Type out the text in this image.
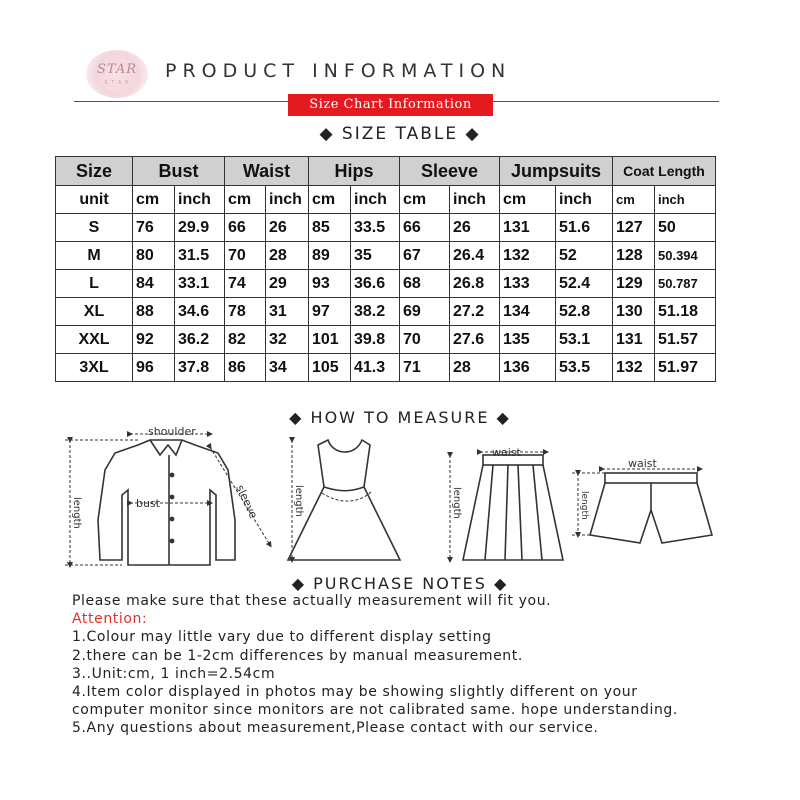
STAR
S T A R
PRODUCT INFORMATION
Size Chart Information
◆ SIZE TABLE ◆
Size	Bust		Waist		Hips		Sleeve		Jumpsuits		Coat Length	
unit	cm	inch	cm	inch	cm	inch	cm	inch	cm	inch	cm	inch
S	76	29.9	66	26	85	33.5	66	26	131	51.6	127	50
M	80	31.5	70	28	89	35	67	26.4	132	52	128	50.394
L	84	33.1	74	29	93	36.6	68	26.8	133	52.4	129	50.787
XL	88	34.6	78	31	97	38.2	69	27.2	134	52.8	130	51.18
XXL	92	36.2	82	32	101	39.8	70	27.6	135	53.1	131	51.57
3XL	96	37.8	86	34	105	41.3	71	28	136	53.5	132	51.97
◆ HOW TO MEASURE ◆
shoulder
length	bust	sleeve	length
waist
length
waist
length
◆ PURCHASE NOTES ◆
Please make sure that these actually measurement will fit you.
Attention:
1.Colour may little vary due to different display setting
2.there can be 1-2cm differences by manual measurement.
3..Unit:cm, 1 inch=2.54cm
4.Item color displayed in photos may be showing slightly different on your
computer monitor since monitors are not calibrated same. hope understanding.
5.Any questions about measurement,Please contact with our service.
